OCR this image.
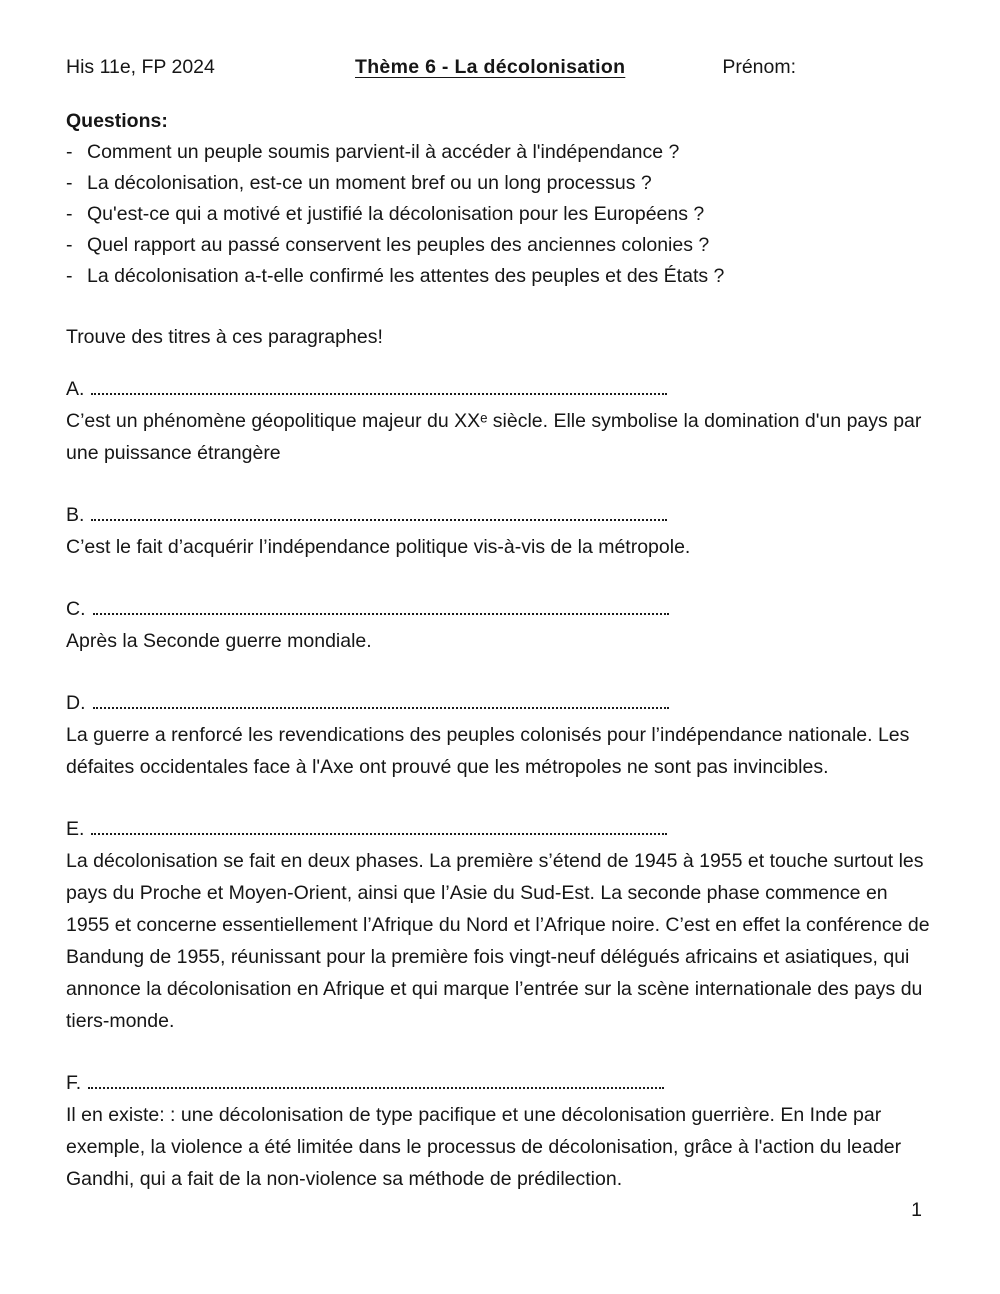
His 11e, FP 2024	Thème 6 - La décolonisation	Prénom:
Questions:
- Comment un peuple soumis parvient-il à accéder à l'indépendance ?
- La décolonisation, est-ce un moment bref ou un long processus ?
- Qu'est-ce qui a motivé et justifié la décolonisation pour les Européens ?
- Quel rapport au passé conservent les peuples des anciennes colonies ?
- La décolonisation a-t-elle confirmé les attentes des peuples et des États ?
Trouve des titres à ces paragraphes!
A.

C’est un phénomène géopolitique majeur du XXᵉ siècle. Elle symbolise la domination d'un pays par une puissance étrangère

B.

C’est le fait d’acquérir l’indépendance politique vis-à-vis de la métropole.

C.

Après la Seconde guerre mondiale.

D.

La guerre a renforcé les revendications des peuples colonisés pour l’indépendance nationale. Les défaites occidentales face à l'Axe ont prouvé que les métropoles ne sont pas invincibles.

E.

La décolonisation se fait en deux phases. La première s’étend de 1945 à 1955 et touche surtout les pays du Proche et Moyen-Orient, ainsi que l’Asie du Sud-Est. La seconde phase commence en 1955 et concerne essentiellement l’Afrique du Nord et l’Afrique noire. C’est en effet la conférence de Bandung de 1955, réunissant pour la première fois vingt-neuf délégués africains et asiatiques, qui annonce la décolonisation en Afrique et qui marque l’entrée sur la scène internationale des pays du tiers-monde.

F.

Il en existe: : une décolonisation de type pacifique et une décolonisation guerrière. En Inde par exemple, la violence a été limitée dans le processus de décolonisation, grâce à l'action du leader Gandhi, qui a fait de la non-violence sa méthode de prédilection.

1
